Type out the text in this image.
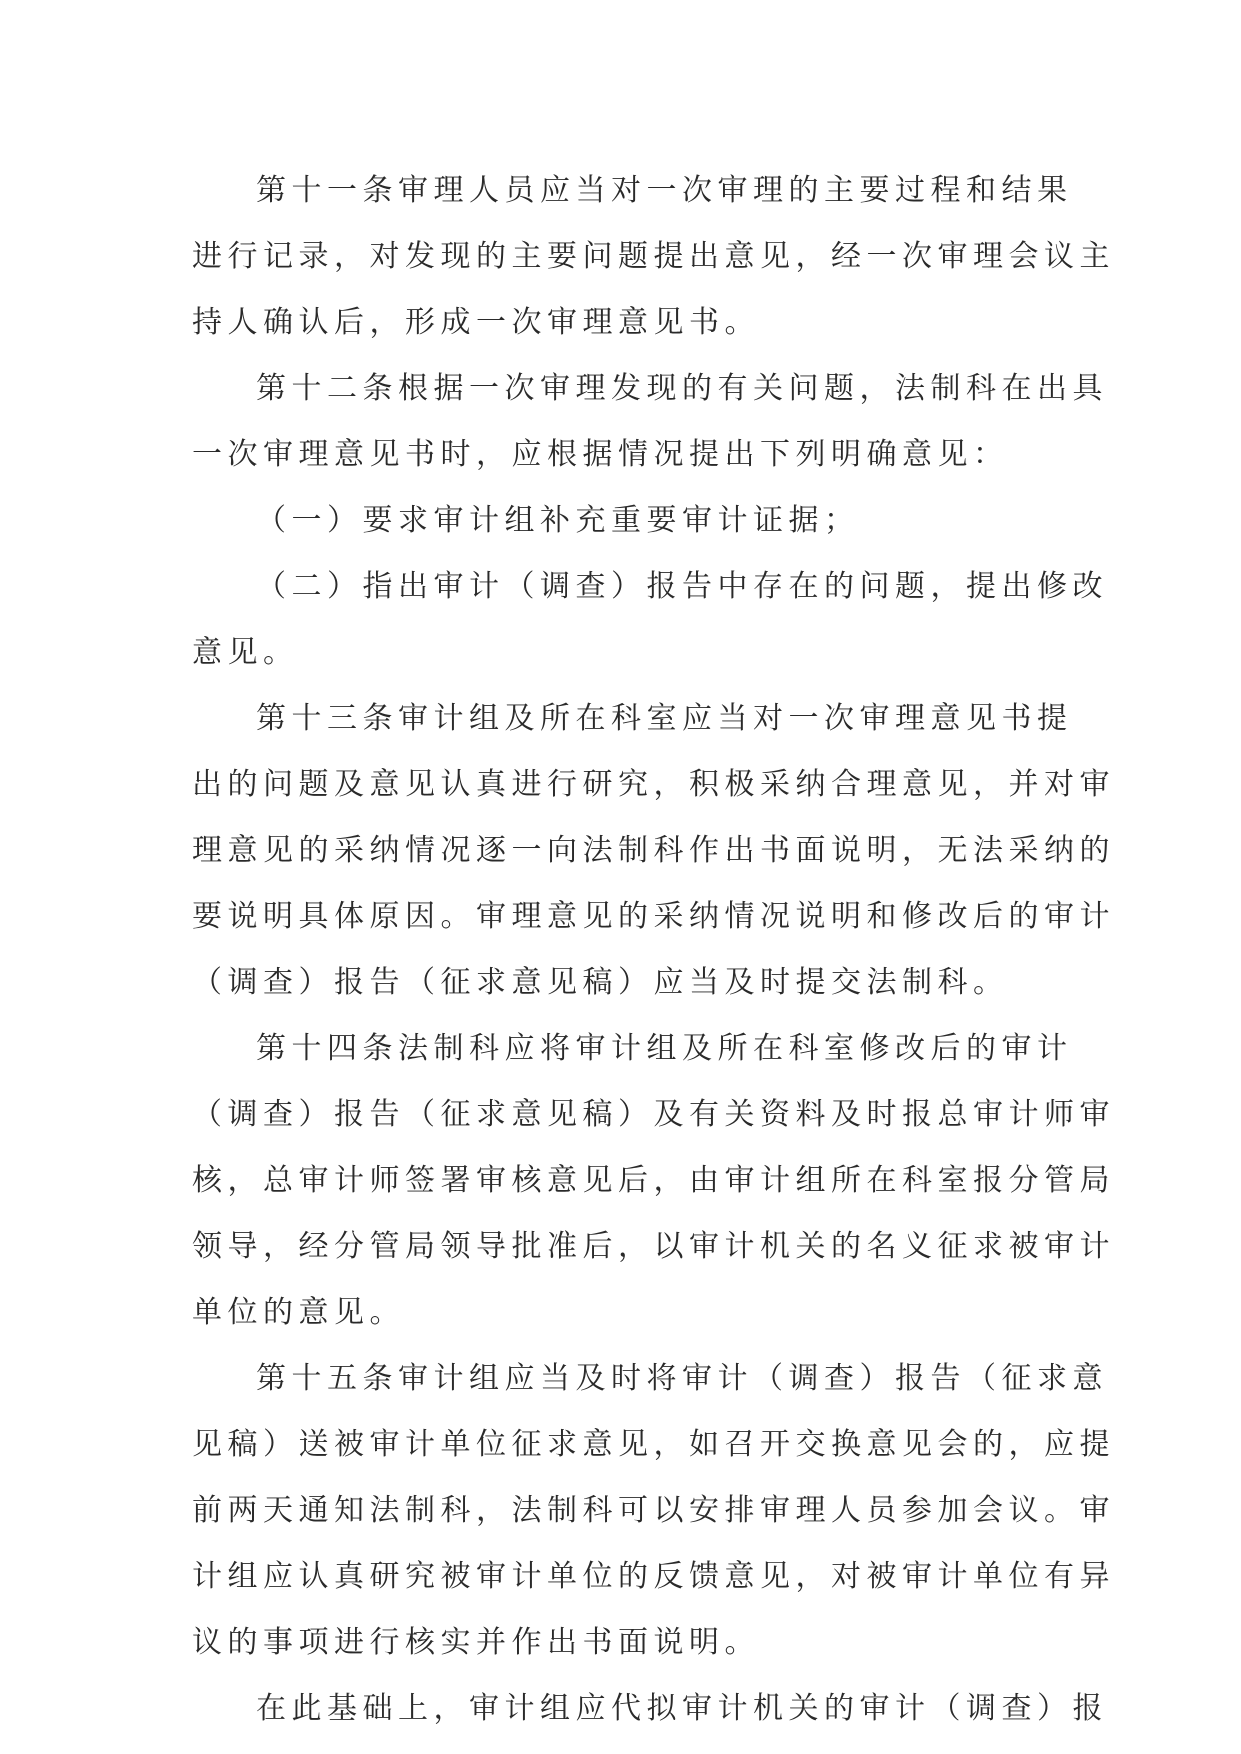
第十一条审理人员应当对一次审理的主要过程和结果
进行记录，对发现的主要问题提出意见，经一次审理会议主
持人确认后，形成一次审理意见书。
第十二条根据一次审理发现的有关问题，法制科在出具
一次审理意见书时，应根据情况提出下列明确意见：
（一）要求审计组补充重要审计证据；
（二）指出审计（调查）报告中存在的问题，提出修改
意见。
第十三条审计组及所在科室应当对一次审理意见书提
出的问题及意见认真进行研究，积极采纳合理意见，并对审
理意见的采纳情况逐一向法制科作出书面说明，无法采纳的
要说明具体原因。审理意见的采纳情况说明和修改后的审计
（调查）报告（征求意见稿）应当及时提交法制科。
第十四条法制科应将审计组及所在科室修改后的审计
（调查）报告（征求意见稿）及有关资料及时报总审计师审
核，总审计师签署审核意见后，由审计组所在科室报分管局
领导，经分管局领导批准后，以审计机关的名义征求被审计
单位的意见。
第十五条审计组应当及时将审计（调查）报告（征求意
见稿）送被审计单位征求意见，如召开交换意见会的，应提
前两天通知法制科，法制科可以安排审理人员参加会议。审
计组应认真研究被审计单位的反馈意见，对被审计单位有异
议的事项进行核实并作出书面说明。
在此基础上，审计组应代拟审计机关的审计（调查）报
